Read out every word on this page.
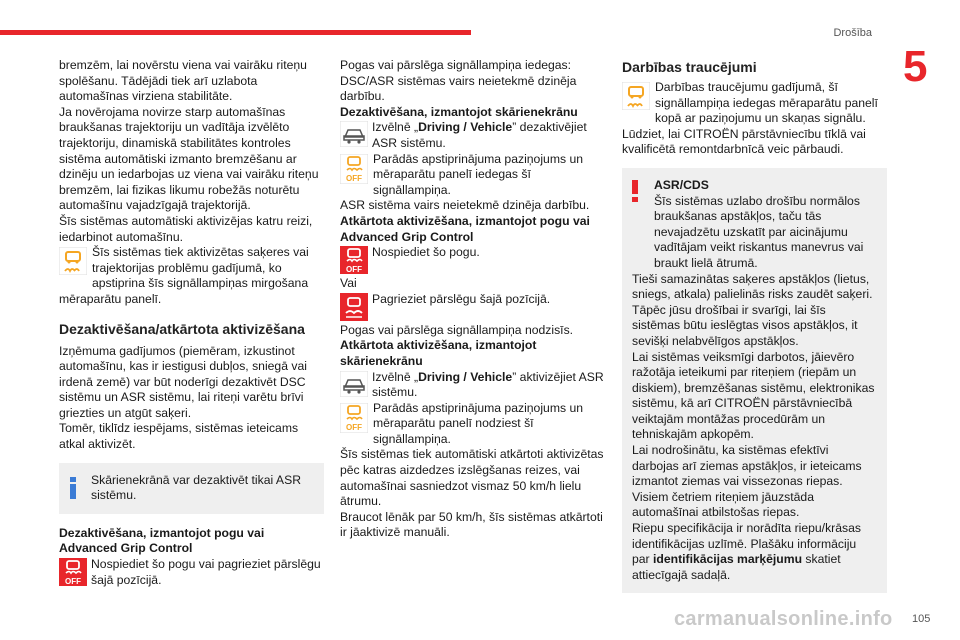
Drošība
5

bremzēm, lai novērstu viena vai vairāku riteņu spolēšanu. Tādējādi tiek arī uzlabota automašīnas virziena stabilitāte.

Ja novērojama novirze starp automašīnas braukšanas trajektoriju un vadītāja izvēlēto trajektoriju, dinamiskā stabilitātes kontroles sistēma automātiski izmanto bremzēšanu ar dzinēju un iedarbojas uz viena vai vairāku riteņu bremzēm, lai fizikas likumu robežās noturētu automašīnu vajadzīgajā trajektorijā.

Šīs sistēmas automātiski aktivizējas katru reizi, iedarbinot automašīnu.

Šīs sistēmas tiek aktivizētas saķeres vai trajektorijas problēmu gadījumā, ko apstiprina šīs signāllampiņas mirgošana mēraparātu panelī.

Dezaktivēšana/atkārtota aktivizēšana

Izņēmuma gadījumos (piemēram, izkustinot automašīnu, kas ir iestigusi dubļos, sniegā vai irdenā zemē) var būt noderīgi dezaktivēt DSC sistēmu un ASR sistēmu, lai riteņi varētu brīvi griezties un atgūt saķeri.

Tomēr, tiklīdz iespējams, sistēmas ieteicams atkal aktivizēt.

Skārienekrānā var dezaktivēt tikai ASR sistēmu.

Dezaktivēšana, izmantojot pogu vai Advanced Grip Control

OFF

Nospiediet šo pogu vai pagrieziet pārslēgu šajā pozīcijā.

Pogas vai pārslēga signāllampiņa iedegas: DSC/ASR sistēmas vairs neietekmē dzinēja darbību.

Dezaktivēšana, izmantojot skārienekrānu

Izvēlnē „Driving / Vehicle” dezaktivējiet ASR sistēmu.

OFF

Parādās apstiprinājuma paziņojums un mēraparātu panelī iedegas šī signāllampiņa.

ASR sistēma vairs neietekmē dzinēja darbību.

Atkārtota aktivizēšana, izmantojot pogu vai Advanced Grip Control

OFF

Nospiediet šo pogu.

Vai

Pagrieziet pārslēgu šajā pozīcijā.

Pogas vai pārslēga signāllampiņa nodzisīs.

Atkārtota aktivizēšana, izmantojot skārienekrānu

Izvēlnē „Driving / Vehicle” aktivizējiet ASR sistēmu.

OFF

Parādās apstiprinājuma paziņojums un mēraparātu panelī nodziest šī signāllampiņa.

Šīs sistēmas tiek automātiski atkārtoti aktivizētas pēc katras aizdedzes izslēgšanas reizes, vai automašīnai sasniedzot vismaz 50 km/h lielu ātrumu.

Braucot lēnāk par 50 km/h, šīs sistēmas atkārtoti ir jāaktivizē manuāli.

Darbības traucējumi

Darbības traucējumu gadījumā, šī signāllampiņa iedegas mēraparātu panelī kopā ar paziņojumu un skaņas signālu.

Lūdziet, lai CITROËN pārstāvniecību tīklā vai kvalificētā remontdarbnīcā veic pārbaudi.

ASR/CDS

Šīs sistēmas uzlabo drošību normālos braukšanas apstākļos, taču tās nevajadzētu uzskatīt par aicinājumu vadītājam veikt riskantus manevrus vai braukt lielā ātrumā.

Tieši samazinātas saķeres apstākļos (lietus, sniegs, atkala) palielinās risks zaudēt saķeri. Tāpēc jūsu drošībai ir svarīgi, lai šīs sistēmas būtu ieslēgtas visos apstākļos, it sevišķi nelabvēlīgos apstākļos.

Lai sistēmas veiksmīgi darbotos, jāievēro ražotāja ieteikumi par riteņiem (riepām un diskiem), bremzēšanas sistēmu, elektronikas sistēmu, kā arī CITROËN pārstāvniecībā veiktajām montāžas procedūrām un tehniskajām apkopēm.

Lai nodrošinātu, ka sistēmas efektīvi darbojas arī ziemas apstākļos, ir ieteicams izmantot ziemas vai vissezonas riepas. Visiem četriem riteņiem jāuzstāda automašīnai atbilstošas riepas.

Riepu specifikācija ir norādīta riepu/krāsas identifikācijas uzlīmē. Plašāku informāciju par identifikācijas marķējumu skatiet attiecīgajā sadaļā.

carmanualsonline.info 105
